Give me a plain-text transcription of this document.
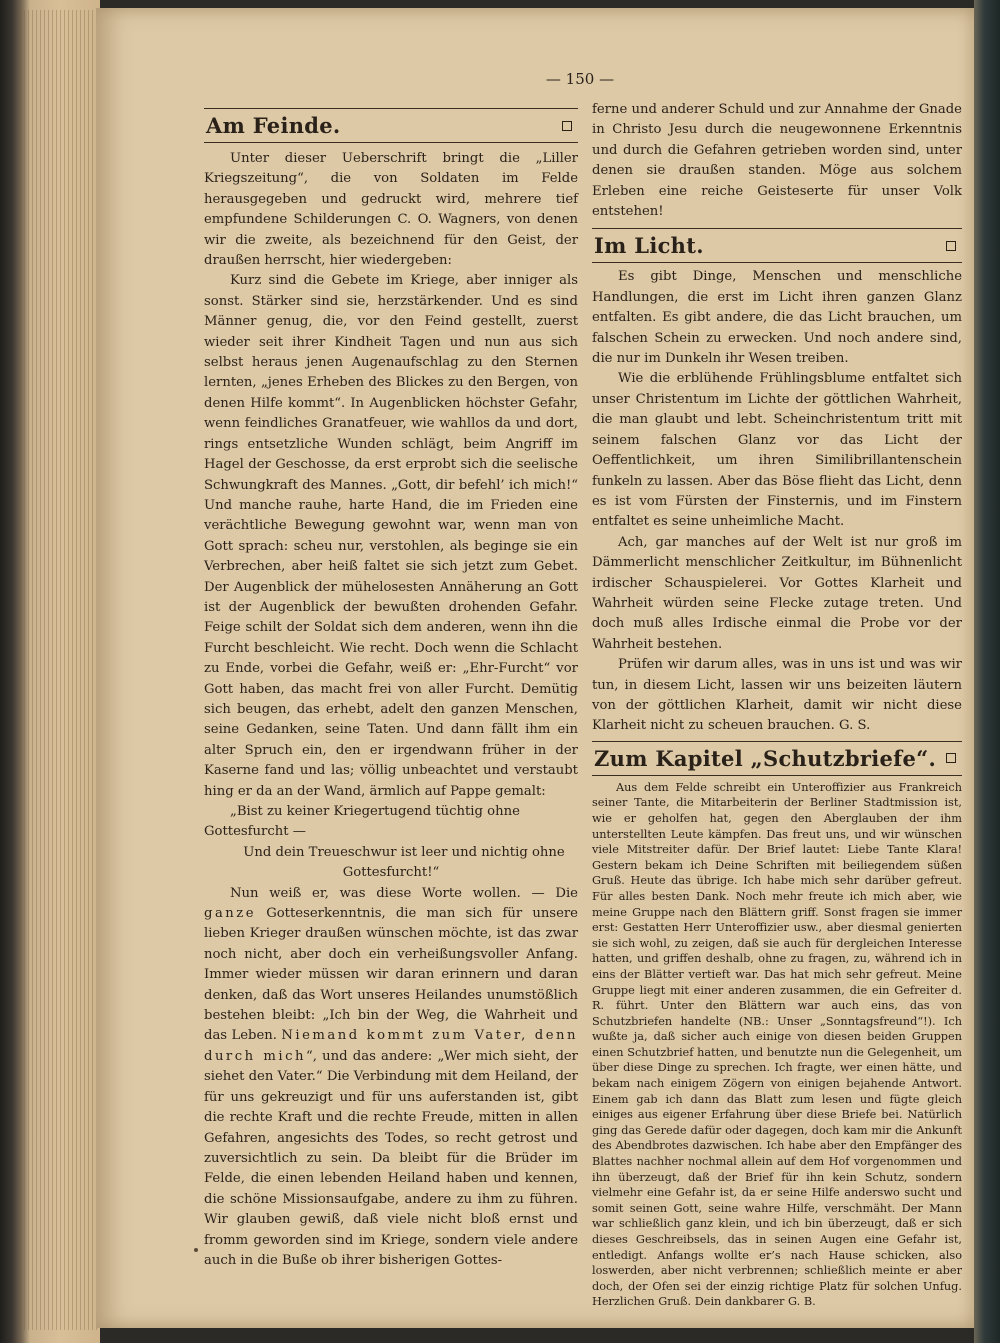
— 150 —
Am Feinde.

Unter dieser Ueberschrift bringt die „Liller Kriegszeitung“, die von Soldaten im Felde herausgegeben und gedruckt wird, mehrere tief empfundene Schilderungen C. O. Wagners, von denen wir die zweite, als bezeichnend für den Geist, der draußen herrscht, hier wiedergeben:

Kurz sind die Gebete im Kriege, aber inniger als sonst. Stärker sind sie, herzstärkender. Und es sind Männer genug, die, vor den Feind gestellt, zuerst wieder seit ihrer Kindheit Tagen und nun aus sich selbst heraus jenen Augenaufschlag zu den Sternen lernten, „jenes Erheben des Blickes zu den Bergen, von denen Hilfe kommt“. In Augenblicken höchster Gefahr, wenn feindliches Granatfeuer, wie wahllos da und dort, rings entsetzliche Wunden schlägt, beim Angriff im Hagel der Geschosse, da erst erprobt sich die seelische Schwungkraft des Mannes. „Gott, dir befehl’ ich mich!“ Und manche rauhe, harte Hand, die im Frieden eine verächtliche Bewegung gewohnt war, wenn man von Gott sprach: scheu nur, verstohlen, als beginge sie ein Verbrechen, aber heiß faltet sie sich jetzt zum Gebet. Der Augenblick der mühelosesten Annäherung an Gott ist der Augenblick der bewußten drohenden Gefahr. Feige schilt der Soldat sich dem anderen, wenn ihn die Furcht beschleicht. Wie recht. Doch wenn die Schlacht zu Ende, vorbei die Gefahr, weiß er: „Ehr-Furcht“ vor Gott haben, das macht frei von aller Furcht. Demütig sich beugen, das erhebt, adelt den ganzen Menschen, seine Gedanken, seine Taten. Und dann fällt ihm ein alter Spruch ein, den er irgendwann früher in der Kaserne fand und las; völlig unbeachtet und verstaubt hing er da an der Wand, ärmlich auf Pappe gemalt:

„Bist zu keiner Kriegertugend tüchtig ohne Gottesfurcht —

Und dein Treueschwur ist leer und nichtig ohne Gottesfurcht!“

Nun weiß er, was diese Worte wollen. — Die ganze Gotteserkenntnis, die man sich für unsere lieben Krieger draußen wünschen möchte, ist das zwar noch nicht, aber doch ein verheißungsvoller Anfang. Immer wieder müssen wir daran erinnern und daran denken, daß das Wort unseres Heilandes unumstößlich bestehen bleibt: „Ich bin der Weg, die Wahrheit und das Leben. Niemand kommt zum Vater, denn durch mich“, und das andere: „Wer mich sieht, der siehet den Vater.“ Die Verbindung mit dem Heiland, der für uns gekreuzigt und für uns auferstanden ist, gibt die rechte Kraft und die rechte Freude, mitten in allen Gefahren, angesichts des Todes, so recht getrost und zuversichtlich zu sein. Da bleibt für die Brüder im Felde, die einen lebenden Heiland haben und kennen, die schöne Missionsaufgabe, andere zu ihm zu führen. Wir glauben gewiß, daß viele nicht bloß ernst und fromm geworden sind im Kriege, sondern viele andere auch in die Buße ob ihrer bisherigen Gottes-

ferne und anderer Schuld und zur Annahme der Gnade in Christo Jesu durch die neugewonnene Erkenntnis und durch die Gefahren getrieben worden sind, unter denen sie draußen standen. Möge aus solchem Erleben eine reiche Geisteserte für unser Volk entstehen!

Im Licht.

Es gibt Dinge, Menschen und menschliche Handlungen, die erst im Licht ihren ganzen Glanz entfalten. Es gibt andere, die das Licht brauchen, um falschen Schein zu erwecken. Und noch andere sind, die nur im Dunkeln ihr Wesen treiben.

Wie die erblühende Frühlingsblume entfaltet sich unser Christentum im Lichte der göttlichen Wahrheit, die man glaubt und lebt. Scheinchristentum tritt mit seinem falschen Glanz vor das Licht der Oeffentlichkeit, um ihren Similibrillantenschein funkeln zu lassen. Aber das Böse flieht das Licht, denn es ist vom Fürsten der Finsternis, und im Finstern entfaltet es seine unheimliche Macht.

Ach, gar manches auf der Welt ist nur groß im Dämmerlicht menschlicher Zeitkultur, im Bühnenlicht irdischer Schauspielerei. Vor Gottes Klarheit und Wahrheit würden seine Flecke zutage treten. Und doch muß alles Irdische einmal die Probe vor der Wahrheit bestehen.

Prüfen wir darum alles, was in uns ist und was wir tun, in diesem Licht, lassen wir uns beizeiten läutern von der göttlichen Klarheit, damit wir nicht diese Klarheit nicht zu scheuen brauchen. G. S.

Zum Kapitel „Schutzbriefe“.

Aus dem Felde schreibt ein Unteroffizier aus Frankreich seiner Tante, die Mitarbeiterin der Berliner Stadtmission ist, wie er geholfen hat, gegen den Aberglauben der ihm unterstellten Leute kämpfen. Das freut uns, und wir wünschen viele Mitstreiter dafür. Der Brief lautet: Liebe Tante Klara! Gestern bekam ich Deine Schriften mit beiliegendem süßen Gruß. Heute das übrige. Ich habe mich sehr darüber gefreut. Für alles besten Dank. Noch mehr freute ich mich aber, wie meine Gruppe nach den Blättern griff. Sonst fragen sie immer erst: Gestatten Herr Unteroffizier usw., aber diesmal genierten sie sich wohl, zu zeigen, daß sie auch für dergleichen Interesse hatten, und griffen deshalb, ohne zu fragen, zu, während ich in eins der Blätter vertieft war. Das hat mich sehr gefreut. Meine Gruppe liegt mit einer anderen zusammen, die ein Gefreiter d. R. führt. Unter den Blättern war auch eins, das von Schutzbriefen handelte (NB.: Unser „Sonntagsfreund“!). Ich wußte ja, daß sicher auch einige von diesen beiden Gruppen einen Schutzbrief hatten, und benutzte nun die Gelegenheit, um über diese Dinge zu sprechen. Ich fragte, wer einen hätte, und bekam nach einigem Zögern von einigen bejahende Antwort. Einem gab ich dann das Blatt zum lesen und fügte gleich einiges aus eigener Erfahrung über diese Briefe bei. Natürlich ging das Gerede dafür oder dagegen, doch kam mir die Ankunft des Abendbrotes dazwischen. Ich habe aber den Empfänger des Blattes nachher nochmal allein auf dem Hof vorgenommen und ihn überzeugt, daß der Brief für ihn kein Schutz, sondern vielmehr eine Gefahr ist, da er seine Hilfe anderswo sucht und somit seinen Gott, seine wahre Hilfe, verschmäht. Der Mann war schließlich ganz klein, und ich bin überzeugt, daß er sich dieses Geschreibsels, das in seinen Augen eine Gefahr ist, entledigt. Anfangs wollte er’s nach Hause schicken, also loswerden, aber nicht verbrennen; schließlich meinte er aber doch, der Ofen sei der einzig richtige Platz für solchen Unfug. Herzlichen Gruß. Dein dankbarer G. B.
